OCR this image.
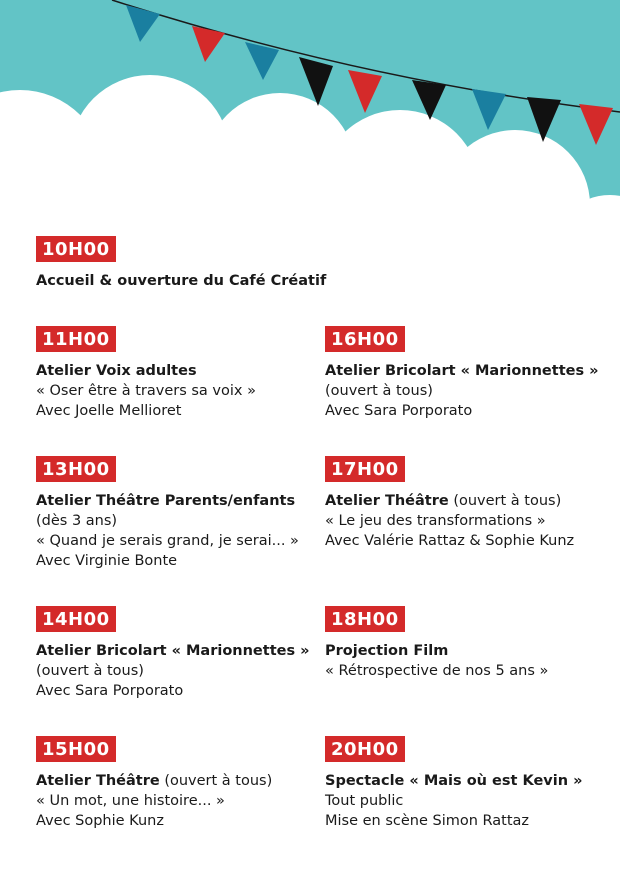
10H00
Accueil & ouverture du Café Créatif
11H00
Atelier Voix adultes
« Oser être à travers sa voix »
Avec Joelle Mellioret
13H00
Atelier Théâtre Parents/enfants
(dès 3 ans)
« Quand je serais grand, je serai... »
Avec Virginie Bonte
14H00
Atelier Bricolart « Marionnettes »
(ouvert à tous)
Avec Sara Porporato
15H00
Atelier Théâtre (ouvert à tous)
« Un mot, une histoire... »
Avec Sophie Kunz
16H00
Atelier Bricolart « Marionnettes »
(ouvert à tous)
Avec Sara Porporato
17H00
Atelier Théâtre (ouvert à tous)
« Le jeu des transformations »
Avec Valérie Rattaz & Sophie Kunz
18H00
Projection Film
« Rétrospective de nos 5 ans »
20H00
Spectacle « Mais où est Kevin »
Tout public
Mise en scène Simon Rattaz
